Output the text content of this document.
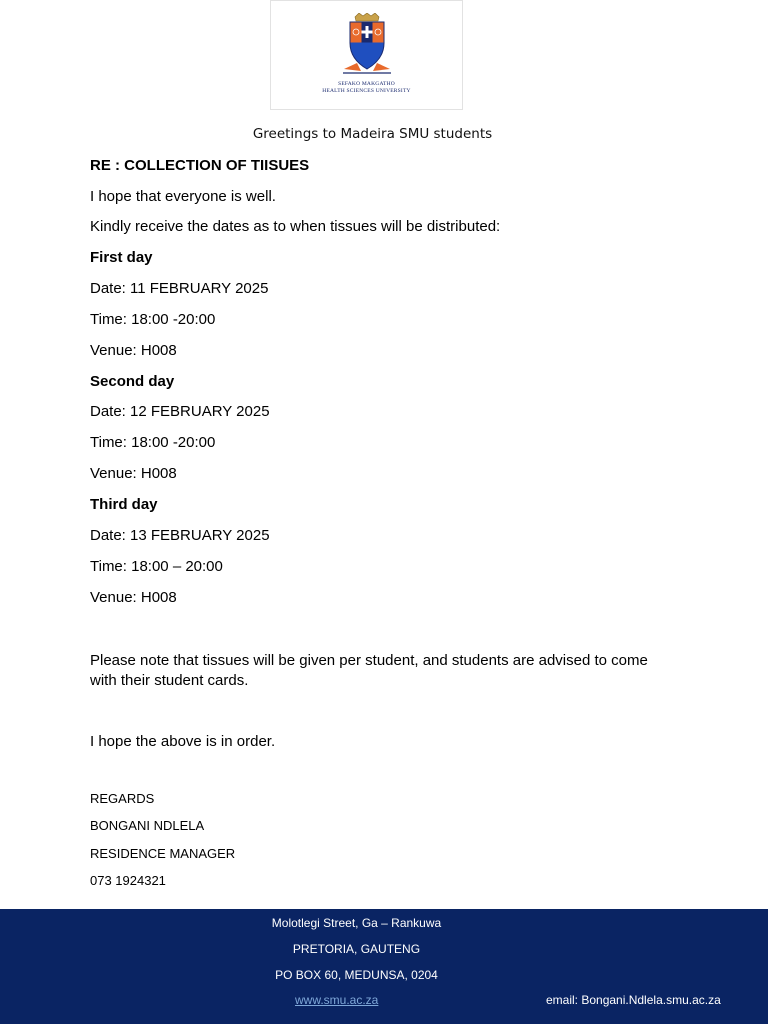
SEFAKO MAKGATHO
HEALTH SCIENCES UNIVERSITY
Greetings to Madeira SMU students
RE : COLLECTION OF TIISUES
I hope that everyone is well.
Kindly receive the dates as to when tissues will be distributed:
First day
Date: 11 FEBRUARY 2025
Time: 18:00 -20:00
Venue: H008
Second day
Date: 12 FEBRUARY 2025
Time: 18:00 -20:00
Venue: H008
Third day
Date: 13 FEBRUARY 2025
Time: 18:00 – 20:00
Venue: H008
Please note that tissues will be given per student, and students are advised to come with their student cards.
I hope the above is in order.
REGARDS
BONGANI NDLELA
RESIDENCE MANAGER
073 1924321
Molotlegi Street, Ga – Rankuwa
PRETORIA, GAUTENG
PO BOX 60, MEDUNSA, 0204
www.smu.ac.za	email: Bongani.Ndlela.smu.ac.za
